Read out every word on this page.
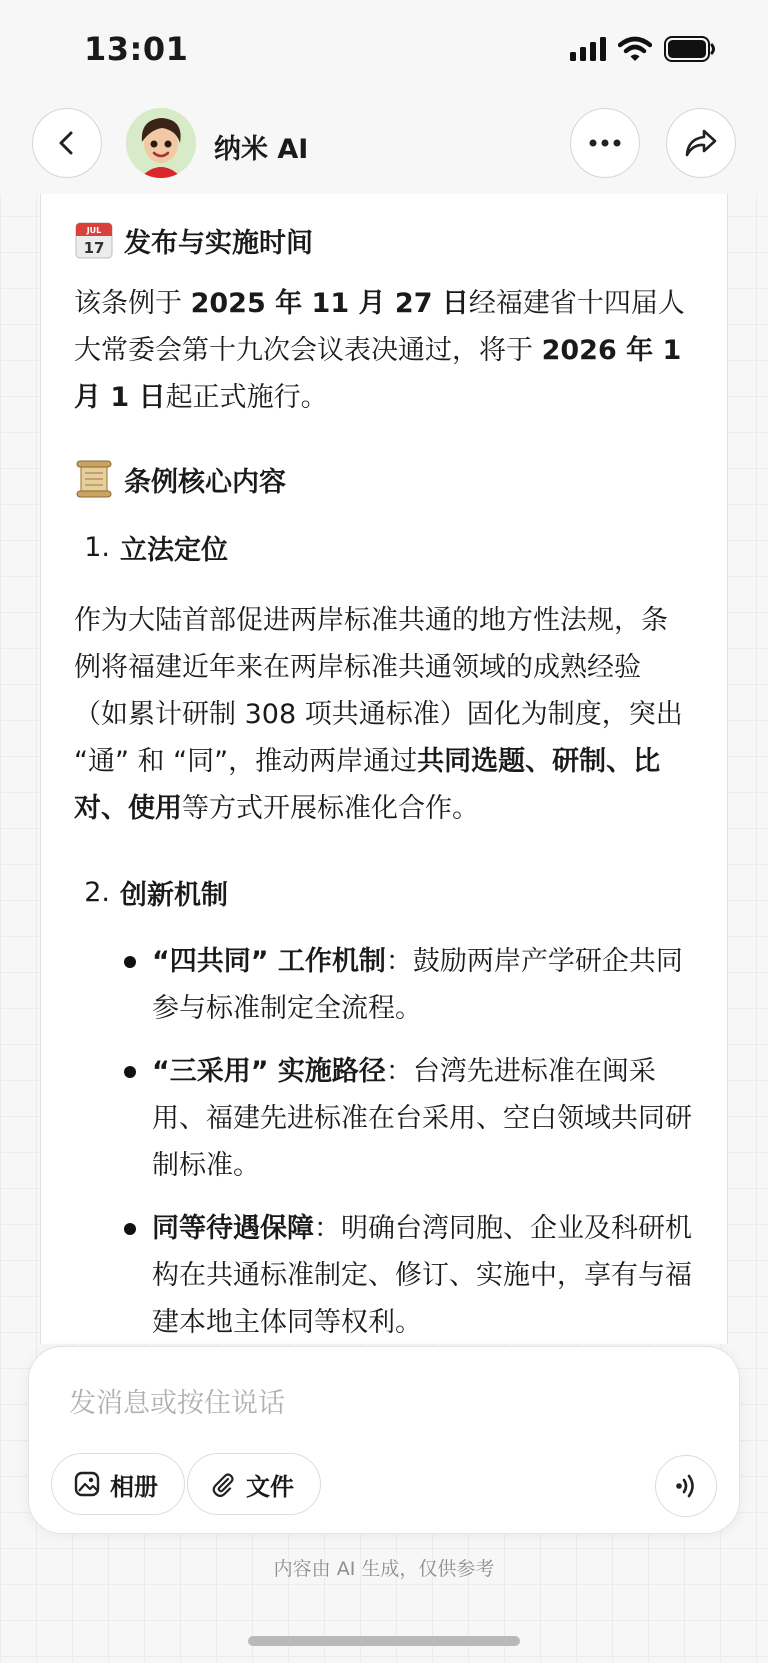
13:01
纳米 AI
JUL
17 发布与实施时间
该条例于 2025 年 11 月 27 日经福建省十四届人大常委会第十九次会议表决通过，将于 2026 年 1 月 1 日起正式施行。
条例核心内容
1. 立法定位
作为大陆首部促进两岸标准共通的地方性法规，条例将福建近年来在两岸标准共通领域的成熟经验（如累计研制 308 项共通标准）固化为制度，突出 “通” 和 “同”，推动两岸通过共同选题、研制、比对、使用等方式开展标准化合作。
2. 创新机制
“四共同” 工作机制：鼓励两岸产学研企共同参与标准制定全流程。
“三采用” 实施路径：台湾先进标准在闽采用、福建先进标准在台采用、空白领域共同研制标准。
同等待遇保障：明确台湾同胞、企业及科研机构在共通标准制定、修订、实施中，享有与福建本地主体同等权利。
发消息或按住说话
相册	文件
内容由 AI 生成，仅供参考
